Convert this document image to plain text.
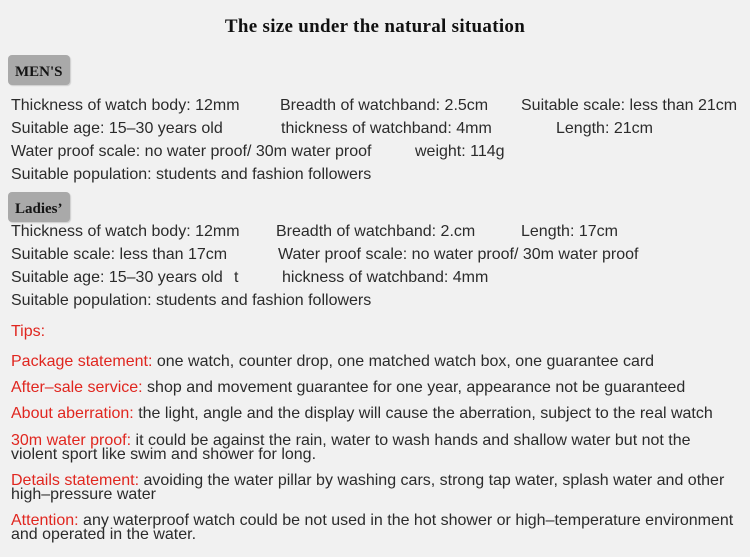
The size under the natural situation
MEN'S
Thickness of watch body: 12mm	Breadth of watchband: 2.5cm Suitable scale: less than 21cm
Suitable age: 15–30 years old	thickness of watchband: 4mm	Length: 21cm
Water proof scale: no water proof/ 30m water proof	weight: 114g
Suitable population: students and fashion followers
Ladies’
Thickness of watch body: 12mm Breadth of watchband: 2.cm	Length: 17cm
Suitable scale: less than 17cm	Water proof scale: no water proof/ 30m water proof
Suitable age: 15–30 years old t	hickness of watchband: 4mm
Suitable population: students and fashion followers
Tips:
Package statement: one watch, counter drop, one matched watch box, one guarantee card
After–sale service: shop and movement guarantee for one year, appearance not be guaranteed
About aberration: the light, angle and the display will cause the aberration, subject to the real watch
30m water proof: it could be against the rain, water to wash hands and shallow water but not the violent sport like swim and shower for long.
Details statement: avoiding the water pillar by washing cars, strong tap water, splash water and other high–pressure water
Attention: any waterproof watch could be not used in the hot shower or high–temperature environment and operated in the water.
